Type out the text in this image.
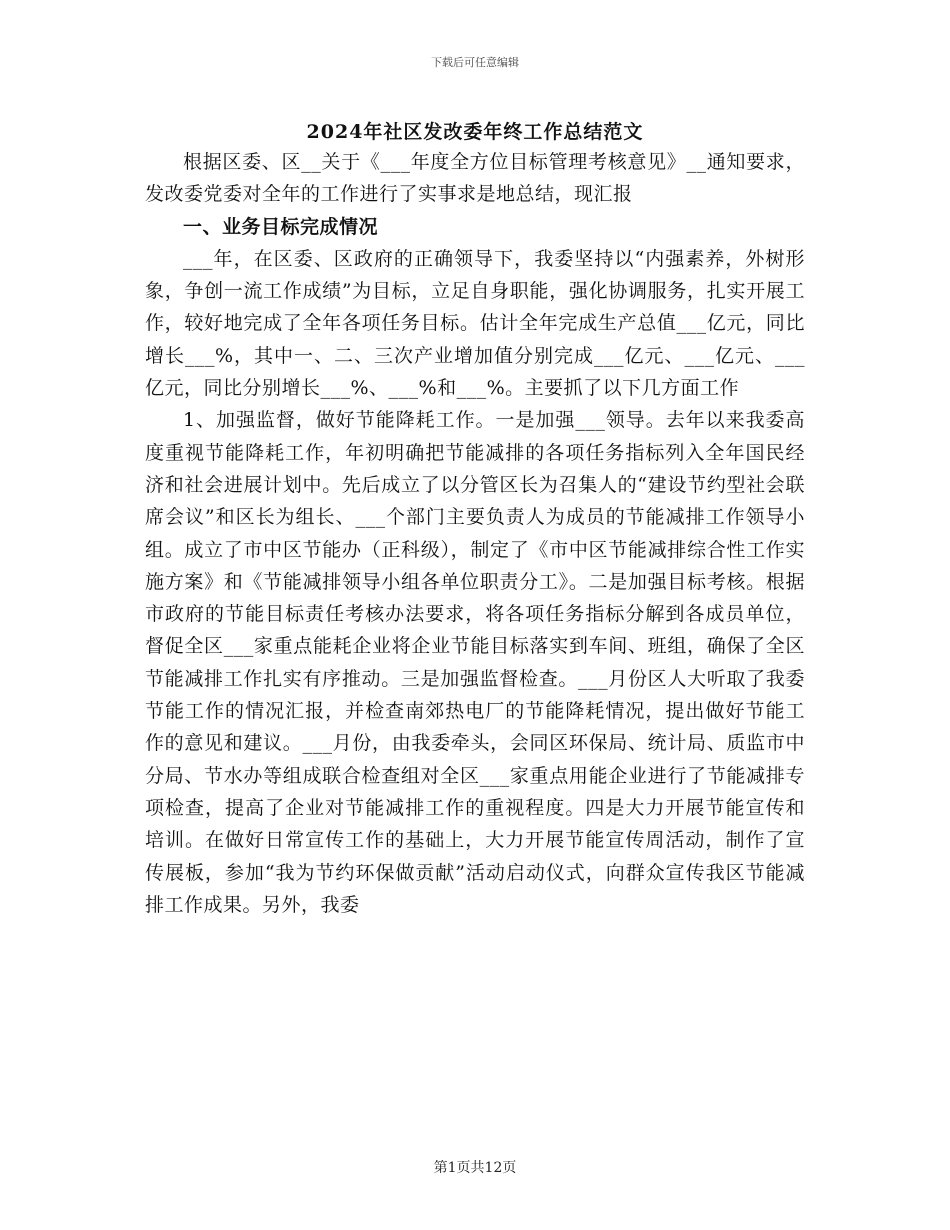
下载后可任意编辑
2024年社区发改委年终工作总结范文

根据区委、区__关于《___年度全方位目标管理考核意见》__通知要求，发改委党委对全年的工作进行了实事求是地总结，现汇报

一、业务目标完成情况

___年，在区委、区政府的正确领导下，我委坚持以“内强素养，外树形象，争创一流工作成绩”为目标，立足自身职能，强化协调服务，扎实开展工作，较好地完成了全年各项任务目标。估计全年完成生产总值___亿元，同比增长___%，其中一、二、三次产业增加值分别完成___亿元、___亿元、___亿元，同比分别增长___%、___%和___%。主要抓了以下几方面工作

1、加强监督，做好节能降耗工作。一是加强___领导。去年以来我委高度重视节能降耗工作，年初明确把节能减排的各项任务指标列入全年国民经济和社会进展计划中。先后成立了以分管区长为召集人的“建设节约型社会联席会议”和区长为组长、___个部门主要负责人为成员的节能减排工作领导小组。成立了市中区节能办（正科级），制定了《市中区节能减排综合性工作实施方案》和《节能减排领导小组各单位职责分工》。二是加强目标考核。根据市政府的节能目标责任考核办法要求，将各项任务指标分解到各成员单位，督促全区___家重点能耗企业将企业节能目标落实到车间、班组，确保了全区节能减排工作扎实有序推动。三是加强监督检查。___月份区人大听取了我委节能工作的情况汇报，并检查南郊热电厂的节能降耗情况，提出做好节能工作的意见和建议。___月份，由我委牵头，会同区环保局、统计局、质监市中分局、节水办等组成联合检查组对全区___家重点用能企业进行了节能减排专项检查，提高了企业对节能减排工作的重视程度。四是大力开展节能宣传和培训。在做好日常宣传工作的基础上，大力开展节能宣传周活动，制作了宣传展板，参加“我为节约环保做贡献”活动启动仪式，向群众宣传我区节能减排工作成果。另外，我委

第1页共12页
